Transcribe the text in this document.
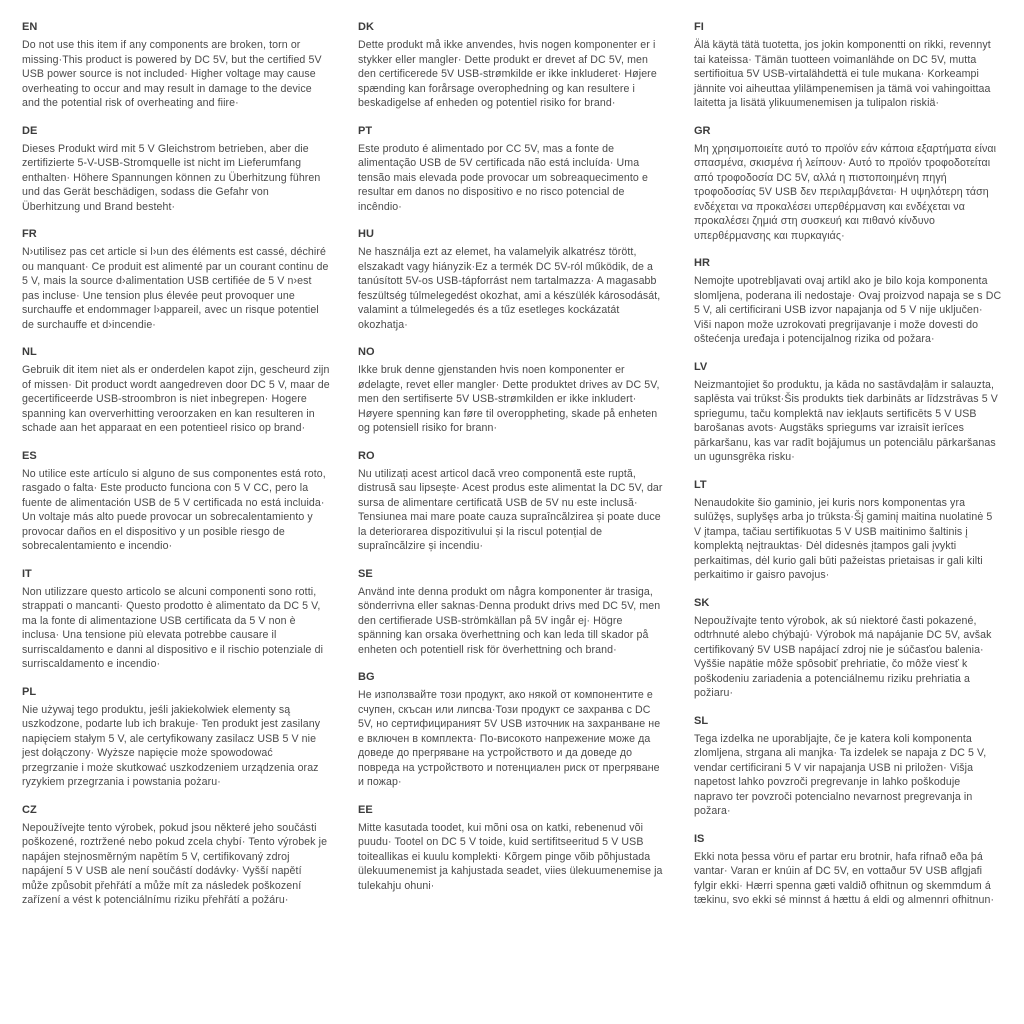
EN

Do not use this item if any components are broken, torn or missing·This product is powered by DC 5V, but the certified 5V USB power source is not included· Higher voltage may cause overheating to occur and may result in damage to the device and the potential risk of overheating and fiire·

DE

Dieses Produkt wird mit 5 V Gleichstrom betrieben, aber die zertifizierte 5-V-USB-Stromquelle ist nicht im Lieferumfang enthalten· Höhere Spannungen können zu Überhitzung führen und das Gerät beschädigen, sodass die Gefahr von Überhitzung und Brand besteht·

FR

N›utilisez pas cet article si l›un des éléments est cassé, déchiré ou manquant· Ce produit est alimenté par un courant continu de 5 V, mais la source d›alimentation USB certifiée de 5 V n›est pas incluse· Une tension plus élevée peut provoquer une surchauffe et endommager l›appareil, avec un risque potentiel de surchauffe et d›incendie·

NL

Gebruik dit item niet als er onderdelen kapot zijn, gescheurd zijn of missen· Dit product wordt aangedreven door DC 5 V, maar de gecertificeerde USB-stroombron is niet inbegrepen· Hogere spanning kan oververhitting veroorzaken en kan resulteren in schade aan het apparaat en een potentieel risico op brand·

ES

No utilice este artículo si alguno de sus componentes está roto, rasgado o falta· Este producto funciona con 5 V CC, pero la fuente de alimentación USB de 5 V certificada no está incluida· Un voltaje más alto puede provocar un sobrecalentamiento y provocar daños en el dispositivo y un posible riesgo de sobrecalentamiento e incendio·

IT

Non utilizzare questo articolo se alcuni componenti sono rotti, strappati o mancanti· Questo prodotto è alimentato da DC 5 V, ma la fonte di alimentazione USB certificata da 5 V non è inclusa· Una tensione più elevata potrebbe causare il surriscaldamento e danni al dispositivo e il rischio potenziale di surriscaldamento e incendio·

PL

Nie używaj tego produktu, jeśli jakiekolwiek elementy są uszkodzone, podarte lub ich brakuje· Ten produkt jest zasilany napięciem stałym 5 V, ale certyfikowany zasilacz USB 5 V nie jest dołączony· Wyższe napięcie może spowodować przegrzanie i może skutkować uszkodzeniem urządzenia oraz ryzykiem przegrzania i powstania pożaru·

CZ

Nepoužívejte tento výrobek, pokud jsou některé jeho součásti poškozené, roztržené nebo pokud zcela chybí· Tento výrobek je napájen stejnosměrným napětím 5 V, certifikovaný zdroj napájení 5 V USB ale není součástí dodávky· Vyšší napětí může způsobit přehřátí a může mít za následek poškození zařízení a vést k potenciálnímu riziku přehřátí a požáru·

DK

Dette produkt må ikke anvendes, hvis nogen komponenter er i stykker eller mangler· Dette produkt er drevet af DC 5V, men den certificerede 5V USB-strømkilde er ikke inkluderet· Højere spænding kan forårsage overophedning og kan resultere i beskadigelse af enheden og potentiel risiko for brand·

PT

Este produto é alimentado por CC 5V, mas a fonte de alimentação USB de 5V certificada não está incluída· Uma tensão mais elevada pode provocar um sobreaquecimento e resultar em danos no dispositivo e no risco potencial de incêndio·

HU

Ne használja ezt az elemet, ha valamelyik alkatrész törött, elszakadt vagy hiányzik·Ez a termék DC 5V-ról működik, de a tanúsított 5V-os USB-tápforrást nem tartalmazza· A magasabb feszültség túlmelegedést okozhat, ami a készülék károsodását, valamint a túlmelegedés és a tűz esetleges kockázatát okozhatja·

NO

Ikke bruk denne gjenstanden hvis noen komponenter er ødelagte, revet eller mangler· Dette produktet drives av DC 5V, men den sertifiserte 5V USB-strømkilden er ikke inkludert· Høyere spenning kan føre til overoppheting, skade på enheten og potensiell risiko for brann·

RO

Nu utilizați acest articol dacă vreo componentă este ruptă, distrusă sau lipsește· Acest produs este alimentat la DC 5V, dar sursa de alimentare certificată USB de 5V nu este inclusă· Tensiunea mai mare poate cauza supraîncălzirea și poate duce la deteriorarea dispozitivului și la riscul potențial de supraîncălzire și incendiu·

SE

Använd inte denna produkt om några komponenter är trasiga, sönderrivna eller saknas·Denna produkt drivs med DC 5V, men den certifierade USB-strömkällan på 5V ingår ej· Högre spänning kan orsaka överhettning och kan leda till skador på enheten och potentiell risk för överhettning och brand·

BG

Не използвайте този продукт, ако някой от компонентите е счупен, скъсан или липсва·Този продукт се захранва с DC 5V, но сертифицираният 5V USB източник на захранване не е включен в комплекта· По-високото напрежение може да доведе до прегряване на устройството и да доведе до повреда на устройството и потенциален риск от прегряване и пожар·

EE

Mitte kasutada toodet, kui mõni osa on katki, rebenenud või puudu· Tootel on DC 5 V toide, kuid sertifitseeritud 5 V USB toiteallikas ei kuulu komplekti· Kõrgem pinge võib põhjustada ülekuumenemist ja kahjustada seadet, viies ülekuumenemise ja tulekahju ohuni·

FI

Älä käytä tätä tuotetta, jos jokin komponentti on rikki, revennyt tai kateissa· Tämän tuotteen voimanlähde on DC 5V, mutta sertifioitua 5V USB-virtalähdettä ei tule mukana· Korkeampi jännite voi aiheuttaa ylilämpenemisen ja tämä voi vahingoittaa laitetta ja lisätä ylikuumenemisen ja tulipalon riskiä·

GR

Μη χρησιμοποιείτε αυτό το προϊόν εάν κάποια εξαρτήματα είναι σπασμένα, σκισμένα ή λείπουν· Αυτό το προϊόν τροφοδοτείται από τροφοδοσία DC 5V, αλλά η πιστοποιημένη πηγή τροφοδοσίας 5V USB δεν περιλαμβάνεται· Η υψηλότερη τάση ενδέχεται να προκαλέσει υπερθέρμανση και ενδέχεται να προκαλέσει ζημιά στη συσκευή και πιθανό κίνδυνο υπερθέρμανσης και πυρκαγιάς·

HR

Nemojte upotrebljavati ovaj artikl ako je bilo koja komponenta slomljena, poderana ili nedostaje· Ovaj proizvod napaja se s DC 5 V, ali certificirani USB izvor napajanja od 5 V nije uključen· Viši napon može uzrokovati pregrijavanje i može dovesti do oštećenja uređaja i potencijalnog rizika od požara·

LV

Neizmantojiet šo produktu, ja kāda no sastāvdaļām ir salauzta, saplēsta vai trūkst·Šis produkts tiek darbināts ar līdzstrāvas 5 V spriegumu, taču komplektā nav iekļauts sertificēts 5 V USB barošanas avots· Augstāks spriegums var izraisīt ierīces pārkaršanu, kas var radīt bojājumus un potenciālu pārkaršanas un ugunsgrēka risku·

LT

Nenaudokite šio gaminio, jei kuris nors komponentas yra sulūžęs, suplyšęs arba jo trūksta·Šį gaminį maitina nuolatinė 5 V įtampa, tačiau sertifikuotas 5 V USB maitinimo šaltinis į komplektą neįtrauktas· Dėl didesnės įtampos gali įvykti perkaitimas, dėl kurio gali būti pažeistas prietaisas ir gali kilti perkaitimo ir gaisro pavojus·

SK

Nepoužívajte tento výrobok, ak sú niektoré časti pokazené, odtrhnuté alebo chýbajú· Výrobok má napájanie DC 5V, avšak certifikovaný 5V USB napájací zdroj nie je súčasťou balenia· Vyššie napätie môže spôsobiť prehriatie, čo môže viesť k poškodeniu zariadenia a potenciálnemu riziku prehriatia a požiaru·

SL

Tega izdelka ne uporabljajte, če je katera koli komponenta zlomljena, strgana ali manjka· Ta izdelek se napaja z DC 5 V, vendar certificirani 5 V vir napajanja USB ni priložen· Višja napetost lahko povzroči pregrevanje in lahko poškoduje napravo ter povzroči potencialno nevarnost pregrevanja in požara·

IS

Ekki nota þessa vöru ef partar eru brotnir, hafa rifnað eða þá vantar· Varan er knúin af DC 5V, en vottaður 5V USB aflgjafi fylgir ekki· Hærri spenna gæti valdið ofhitnun og skemmdum á tækinu, svo ekki sé minnst á hættu á eldi og almennri ofhitnun·
